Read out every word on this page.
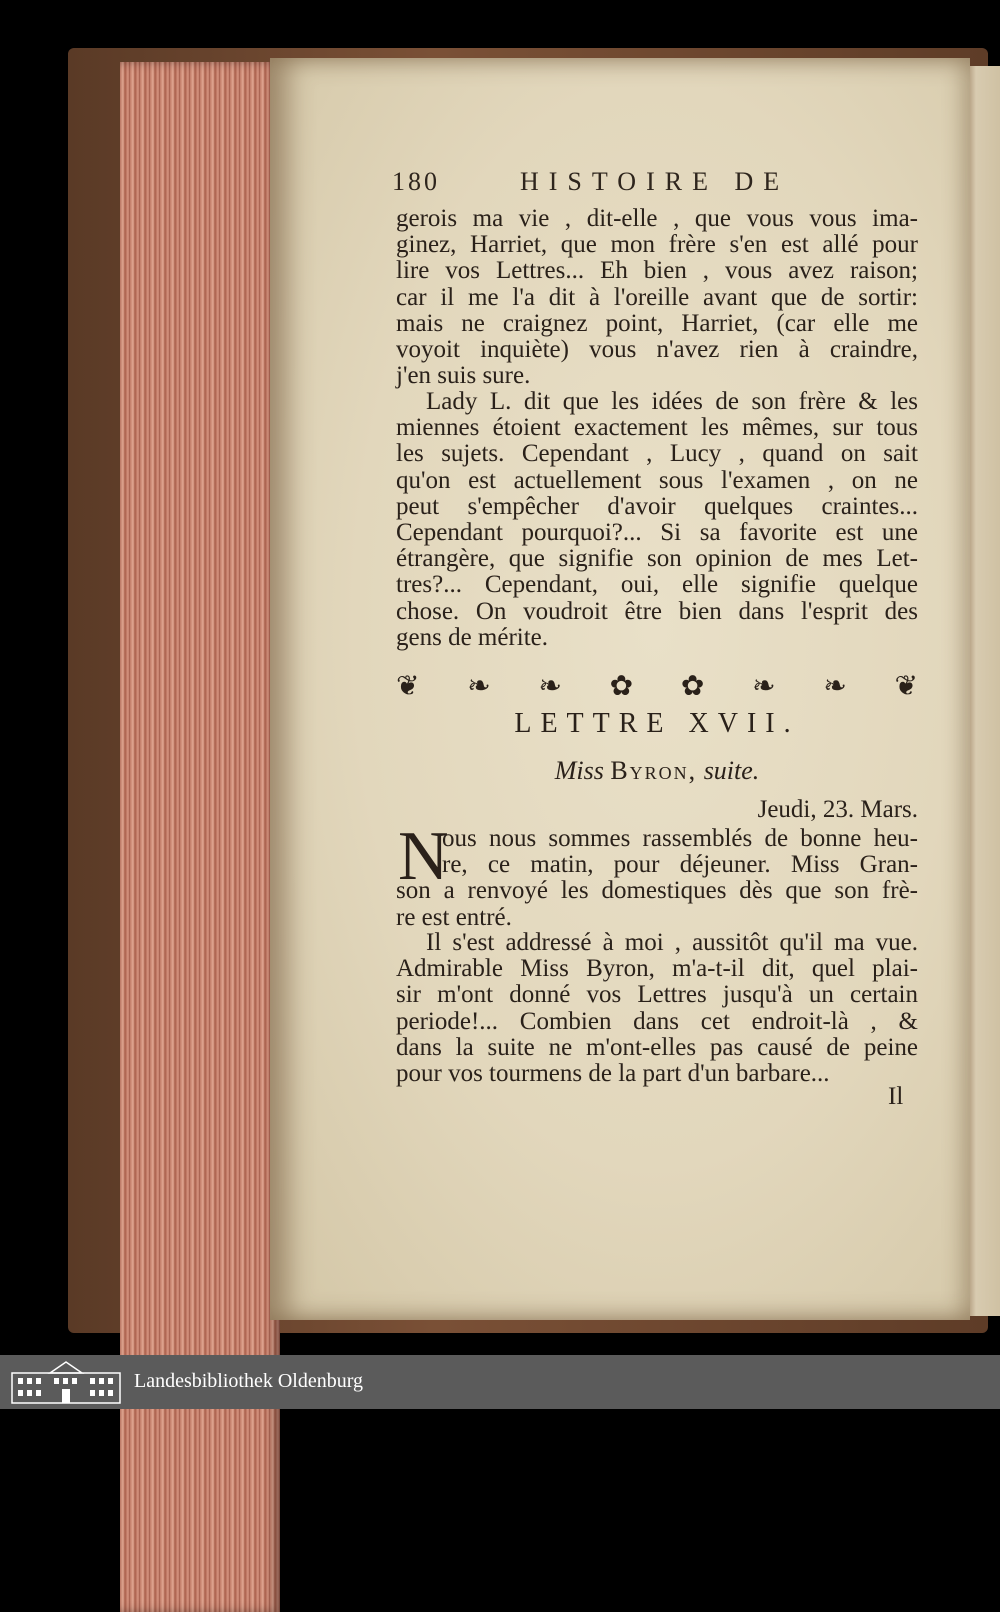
180	HISTOIRE DE
gerois ma vie , dit-elle , que vous vous ima-
ginez, Harriet, que mon frère s'en est allé pour
lire vos Lettres... Eh bien , vous avez raison;
car il me l'a dit à l'oreille avant que de sortir:
mais ne craignez point, Harriet, (car elle me
voyoit inquiète) vous n'avez rien à craindre,
j'en suis sure.
Lady L. dit que les idées de son frère & les
miennes étoient exactement les mêmes, sur tous
les sujets. Cependant , Lucy , quand on sait
qu'on est actuellement sous l'examen , on ne
peut s'empêcher d'avoir quelques craintes...
Cependant pourquoi?... Si sa favorite est une
étrangère, que signifie son opinion de mes Let-
tres?... Cependant, oui, elle signifie quelque
chose. On voudroit être bien dans l'esprit des
gens de mérite.
❦ ❧ ❧ ✿ ✿ ❧ ❧ ❦
LETTRE XVII.
Miss Byron, suite.
Jeudi, 23. Mars.
N
ous nous sommes rassemblés de bonne heu-
re, ce matin, pour déjeuner. Miss Gran-
son a renvoyé les domestiques dès que son frè-
re est entré.
Il s'est addressé à moi , aussitôt qu'il ma vue.
Admirable Miss Byron, m'a-t-il dit, quel plai-
sir m'ont donné vos Lettres jusqu'à un certain
periode!... Combien dans cet endroit-là , &
dans la suite ne m'ont-elles pas causé de peine
pour vos tourmens de la part d'un barbare...
Il
Landesbibliothek Oldenburg
